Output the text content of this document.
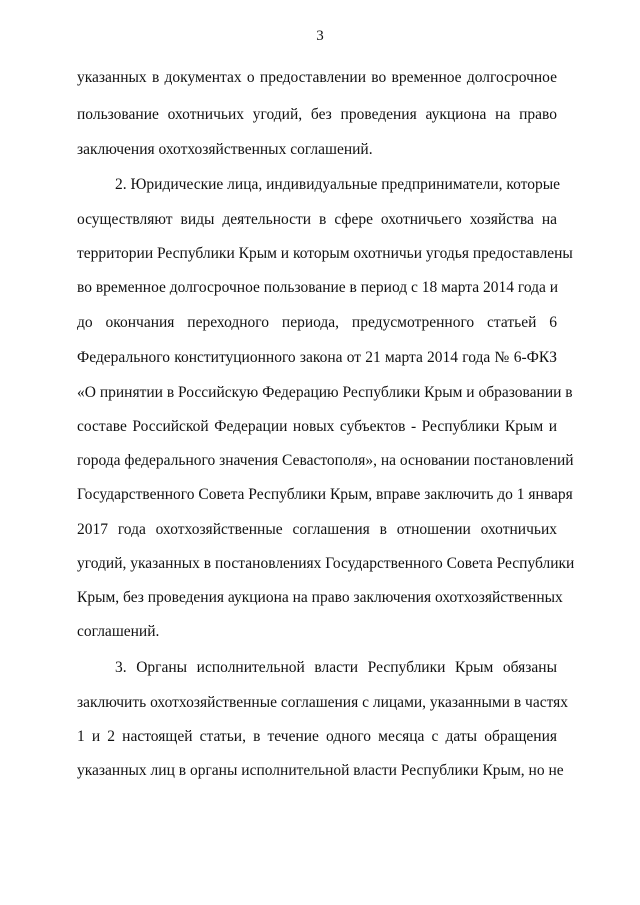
3
указанных в документах о предоставлении во временное долгосрочное
пользование охотничьих угодий, без проведения аукциона на право
заключения охотхозяйственных соглашений.
2. Юридические лица, индивидуальные предприниматели, которые
осуществляют виды деятельности в сфере охотничьего хозяйства на
территории Республики Крым и которым охотничьи угодья предоставлены
во временное долгосрочное пользование в период с 18 марта 2014 года и
до окончания переходного периода, предусмотренного статьей 6
Федерального конституционного закона от 21 марта 2014 года № 6-ФКЗ
«О принятии в Российскую Федерацию Республики Крым и образовании в
составе Российской Федерации новых субъектов - Республики Крым и
города федерального значения Севастополя», на основании постановлений
Государственного Совета Республики Крым, вправе заключить до 1 января
2017 года охотхозяйственные соглашения в отношении охотничьих
угодий, указанных в постановлениях Государственного Совета Республики
Крым, без проведения аукциона на право заключения охотхозяйственных
соглашений.
3. Органы исполнительной власти Республики Крым обязаны
заключить охотхозяйственные соглашения с лицами, указанными в частях
1 и 2 настоящей статьи, в течение одного месяца с даты обращения
указанных лиц в органы исполнительной власти Республики Крым, но не
